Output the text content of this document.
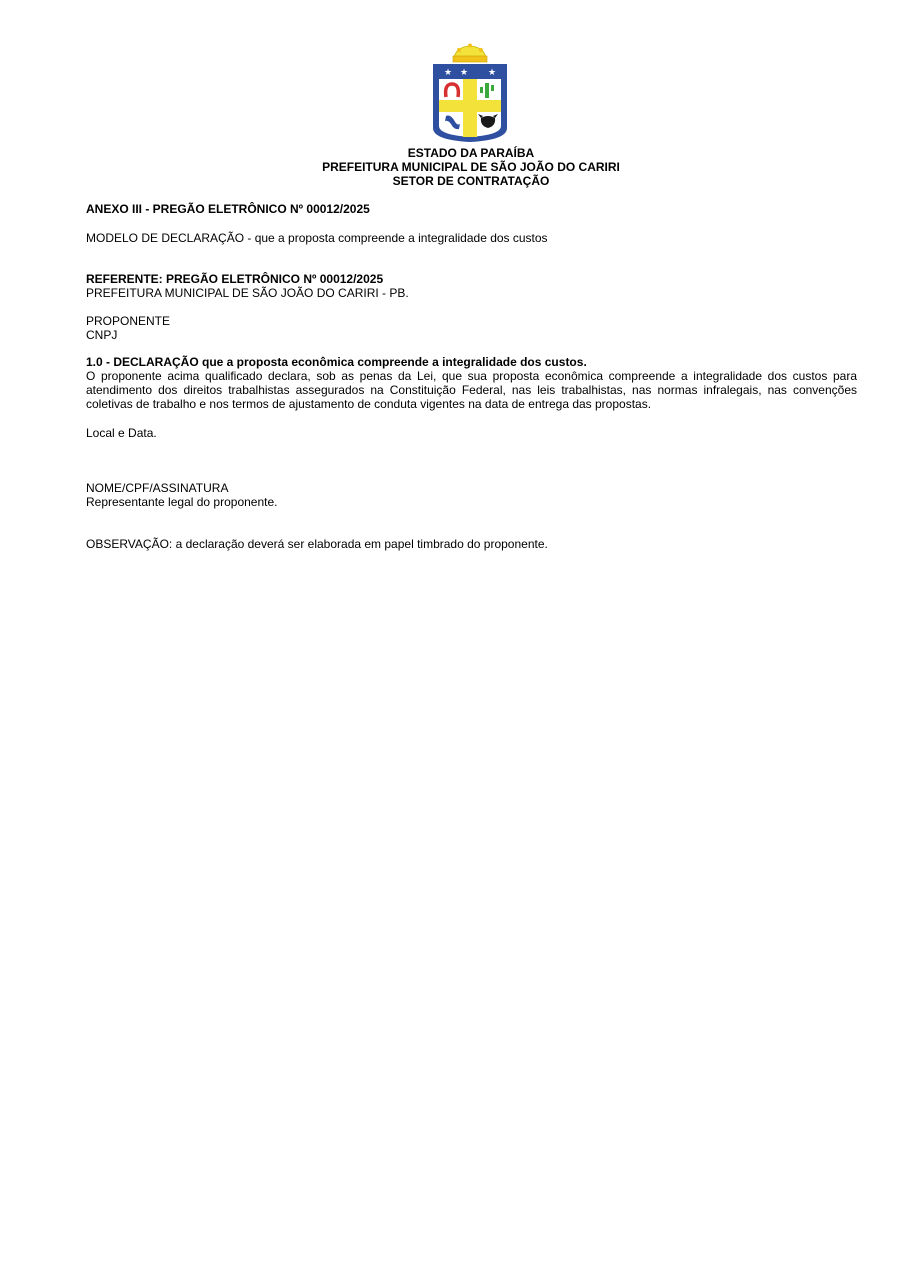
★ ★ ★
ESTADO DA PARAÍBA
PREFEITURA MUNICIPAL DE SÃO JOÃO DO CARIRI
SETOR DE CONTRATAÇÃO
ANEXO III - PREGÃO ELETRÔNICO Nº 00012/2025
MODELO DE DECLARAÇÃO - que a proposta compreende a integralidade dos custos
REFERENTE: PREGÃO ELETRÔNICO Nº 00012/2025
PREFEITURA MUNICIPAL DE SÃO JOÃO DO CARIRI - PB.
PROPONENTE
CNPJ
1.0 - DECLARAÇÃO que a proposta econômica compreende a integralidade dos custos.
O proponente acima qualificado declara, sob as penas da Lei, que sua proposta econômica compreende a integralidade dos custos para atendimento dos direitos trabalhistas assegurados na Constituição Federal, nas leis trabalhistas, nas normas infralegais, nas convenções coletivas de trabalho e nos termos de ajustamento de conduta vigentes na data de entrega das propostas.
Local e Data.
NOME/CPF/ASSINATURA
Representante legal do proponente.
OBSERVAÇÃO: a declaração deverá ser elaborada em papel timbrado do proponente.
